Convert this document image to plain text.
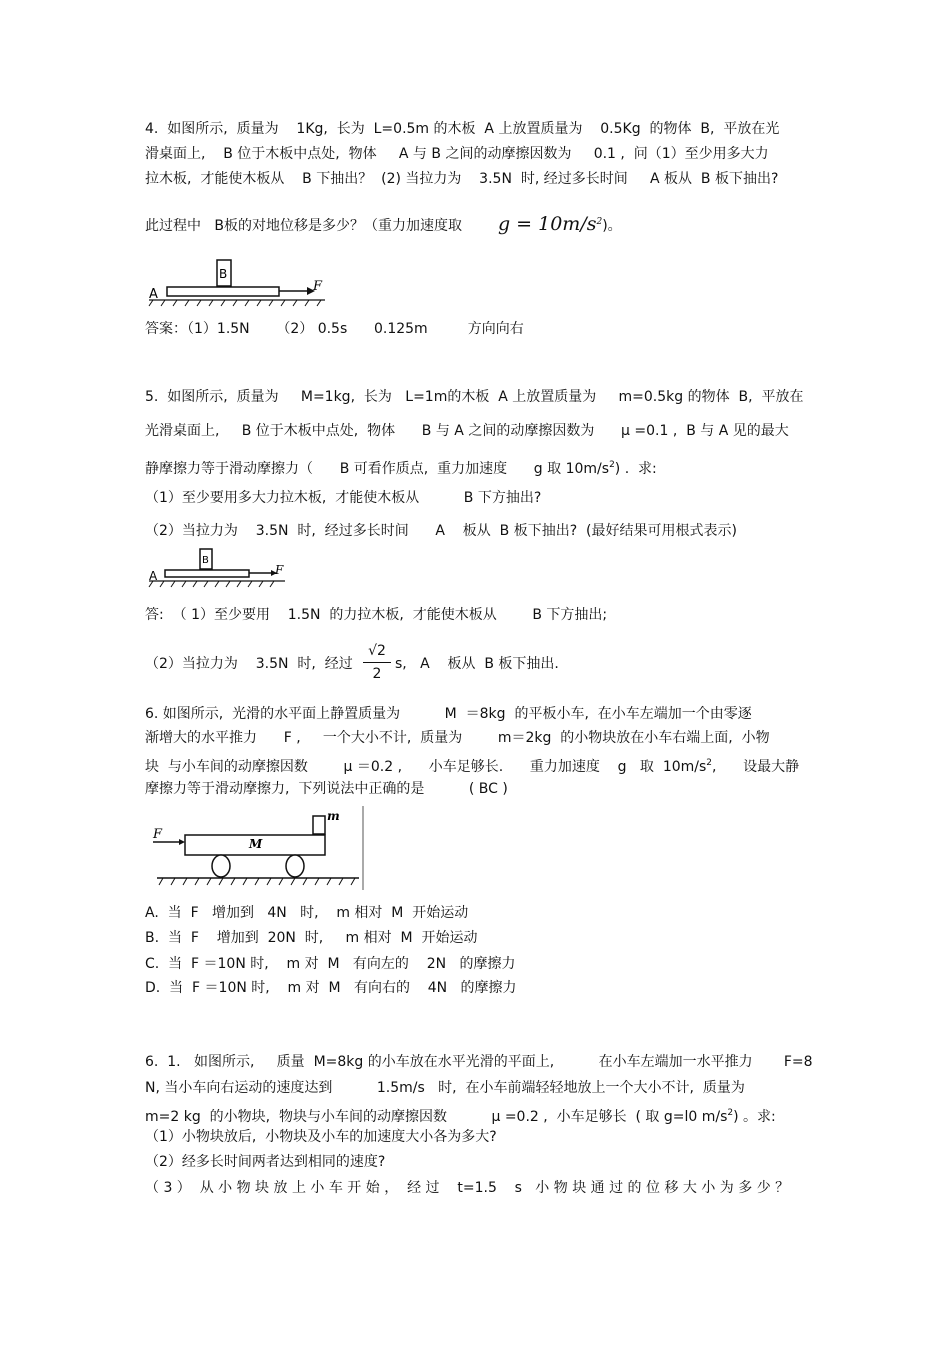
4.  如图所示,  质量为    1Kg,  长为  L=0.5m 的木板  A 上放置质量为    0.5Kg  的物体  B,  平放在光
滑桌面上,    B 位于木板中点处,  物体     A 与 B 之间的动摩擦因数为     0.1 ,  问（1）至少用多大力
拉木板,  才能使木板从    B 下抽出？  (2) 当拉力为    3.5N  时, 经过多长时间     A 板从  B 板下抽出?
此过程中   B板的对地位移是多少？（重力加速度取 $g = 10m/s^2$)。
B
A
F
答案：（1）1.5N      （2） 0.5s      0.125m         方向向右
5.  如图所示,  质量为     M=1kg,  长为   L=1m的木板  A 上放置质量为     m=0.5kg 的物体  B,  平放在
光滑桌面上,     B 位于木板中点处,  物体      B 与 A 之间的动摩擦因数为      μ =0.1 ,  B 与 A 见的最大
静摩擦力等于滑动摩擦力（      B 可看作质点,  重力加速度      g 取 $10m/s^2$) .  求:
（1）至少要用多大力拉木板,  才能使木板从          B 下方抽出?
（2）当拉力为    3.5N  时,  经过多长时间      A    板从  B 板下抽出?  (最好结果可用根式表示)
B
A	F
答:  （ 1）至少要用    1.5N  的力拉木板,  才能使木板从        B 下方抽出;
（2）当拉力为    3.5N  时,  经过
√2
2
s,   A    板从  B 板下抽出.
6. 如图所示,  光滑的水平面上静置质量为          M  ＝8kg  的平板小车,  在小车左端加一个由零逐
渐增大的水平推力      F ,     一个大小不计,  质量为        m＝2kg  的小物块放在小车右端上面,  小物
块  与小车间的动摩擦因数        μ ＝0.2 ,      小车足够长.      重力加速度    g   取  $10m/s^2$,      设最大静
摩擦力等于滑动摩擦力,  下列说法中正确的是          ( BC )
m
M
F
A.  当  F   增加到   4N   时,    m 相对  M  开始运动
B.  当  F    增加到  20N  时,     m 相对  M  开始运动
C.  当  F ＝10N 时,    m 对  M   有向左的    2N   的摩擦力
D.  当  F ＝10N 时,    m 对  M   有向右的    4N   的摩擦力
6.  1.   如图所示,     质量  M=8kg 的小车放在水平光滑的平面上,          在小车左端加一水平推力       F=8
N, 当小车向右运动的速度达到          1.5m/s   时,  在小车前端轻轻地放上一个大小不计,  质量为
m=2 kg  的小物块,  物块与小车间的动摩擦因数          μ =0.2 ,  小车足够长  ( 取 g=l0 $m/s^2$) 。求:
（1）小物块放后,  小物块及小车的加速度大小各为多大?
（2）经多长时间两者达到相同的速度?
（ 3 ）  从 小 物 块 放 上 小 车 开 始 ，  经 过    t=1.5    s   小 物 块 通 过 的 位 移 大 小 为 多 少 ？
